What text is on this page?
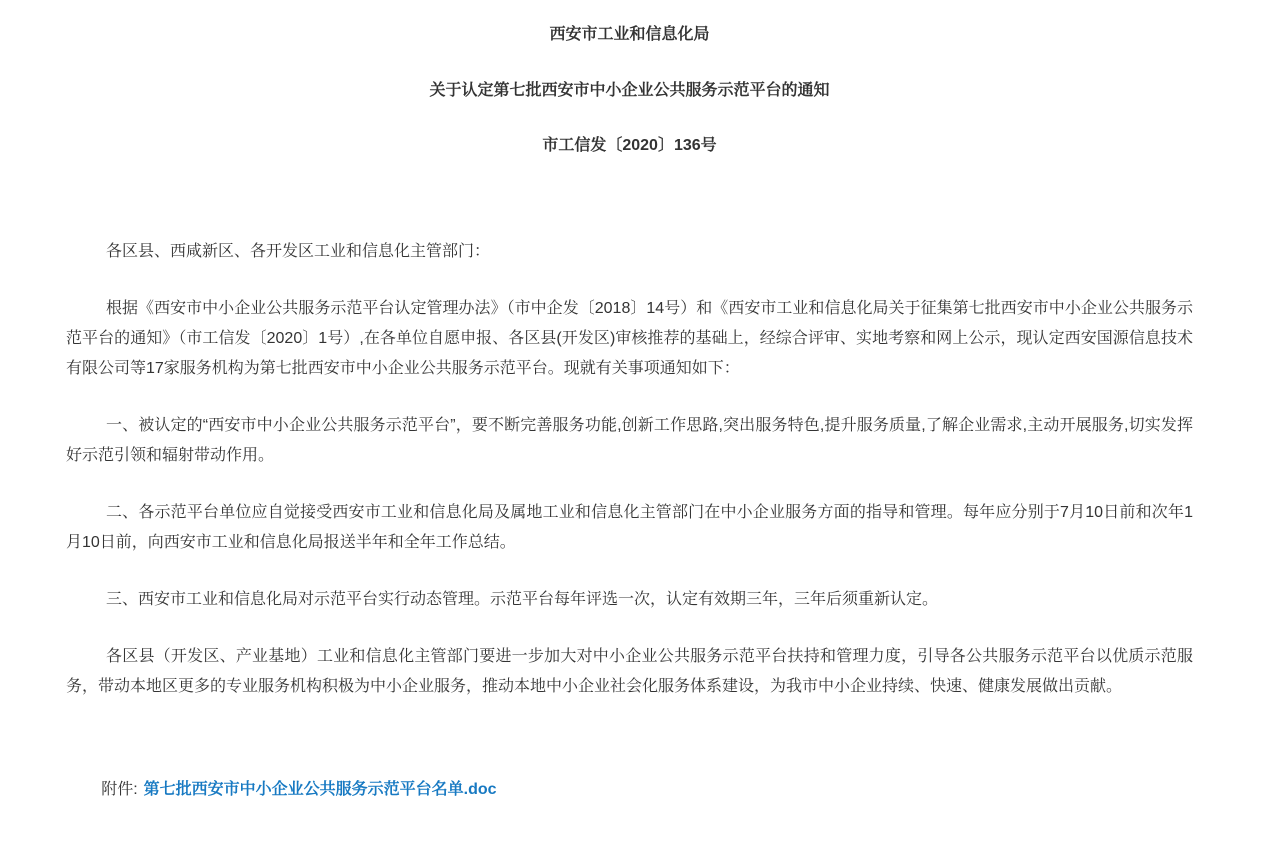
西安市工业和信息化局
关于认定第七批西安市中小企业公共服务示范平台的通知
市工信发〔2020〕136号

各区县、西咸新区、各开发区工业和信息化主管部门：

根据《西安市中小企业公共服务示范平台认定管理办法》（市中企发〔2018〕14号）和《西安市工业和信息化局关于征集第七批西安市中小企业公共服务示范平台的通知》（市工信发〔2020〕1号）,在各单位自愿申报、各区县(开发区)审核推荐的基础上，经综合评审、实地考察和网上公示，现认定西安国源信息技术有限公司等17家服务机构为第七批西安市中小企业公共服务示范平台。现就有关事项通知如下：

一、被认定的“西安市中小企业公共服务示范平台”，要不断完善服务功能,创新工作思路,突出服务特色,提升服务质量,了解企业需求,主动开展服务,切实发挥好示范引领和辐射带动作用。

二、各示范平台单位应自觉接受西安市工业和信息化局及属地工业和信息化主管部门在中小企业服务方面的指导和管理。每年应分别于7月10日前和次年1月10日前，向西安市工业和信息化局报送半年和全年工作总结。

三、西安市工业和信息化局对示范平台实行动态管理。示范平台每年评选一次，认定有效期三年，三年后须重新认定。

各区县（开发区、产业基地）工业和信息化主管部门要进一步加大对中小企业公共服务示范平台扶持和管理力度，引导各公共服务示范平台以优质示范服务，带动本地区更多的专业服务机构积极为中小企业服务，推动本地中小企业社会化服务体系建设，为我市中小企业持续、快速、健康发展做出贡献。

附件: 第七批西安市中小企业公共服务示范平台名单.doc
